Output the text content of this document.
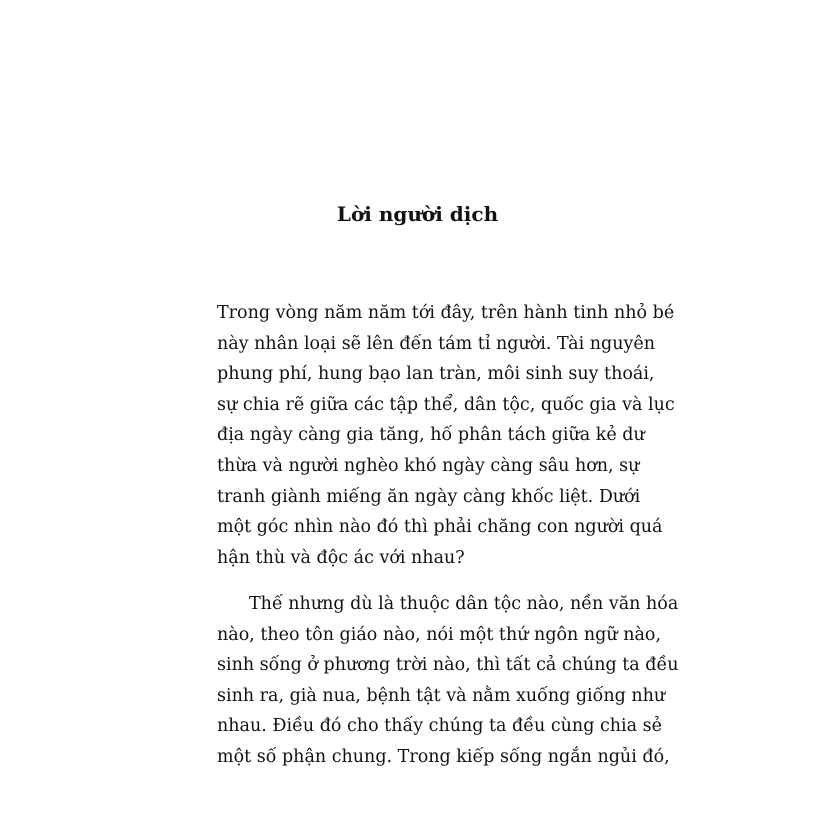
Lời người dịch
Trong vòng năm năm tới đây, trên hành tinh nhỏ bé
này nhân loại sẽ lên đến tám tỉ người. Tài nguyên
phung phí, hung bạo lan tràn, môi sinh suy thoái,
sự chia rẽ giữa các tập thể, dân tộc, quốc gia và lục
địa ngày càng gia tăng, hố phân tách giữa kẻ dư
thừa và người nghèo khó ngày càng sâu hơn, sự
tranh giành miếng ăn ngày càng khốc liệt. Dưới
một góc nhìn nào đó thì phải chăng con người quá
hận thù và độc ác với nhau?
Thế nhưng dù là thuộc dân tộc nào, nền văn hóa
nào, theo tôn giáo nào, nói một thứ ngôn ngữ nào,
sinh sống ở phương trời nào, thì tất cả chúng ta đều
sinh ra, già nua, bệnh tật và nằm xuống giống như
nhau. Điều đó cho thấy chúng ta đều cùng chia sẻ
một số phận chung. Trong kiếp sống ngắn ngủi đó,
